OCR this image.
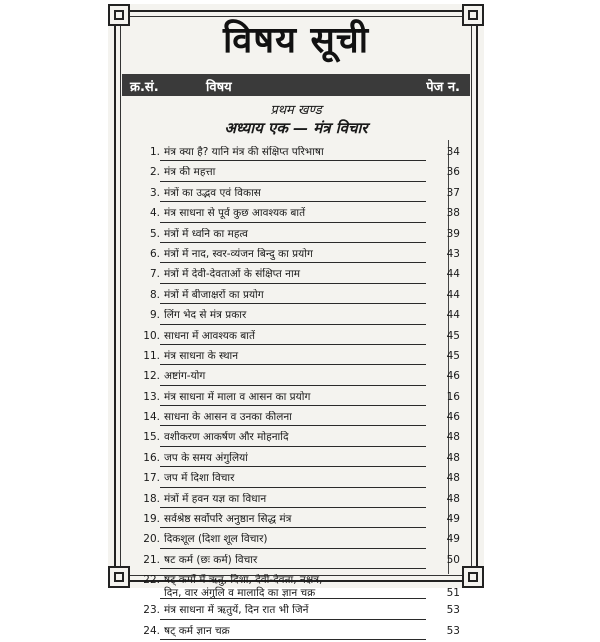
विषय सूची
क्र.सं.	विषय	पेज न.
प्रथम खण्ड
अध्याय एक — मंत्र विचार
1. मंत्र क्या है? यानि मंत्र की संक्षिप्त परिभाषा	34
2. मंत्र की महत्ता	36
3. मंत्रों का उद्भव एवं विकास	37
4. मंत्र साधना से पूर्व कुछ आवश्यक बातें	38
5. मंत्रों में ध्वनि का महत्व	39
6. मंत्रों में नाद, स्वर-व्यंजन बिन्दु का प्रयोग	43
7. मंत्रों में देवी-देवताओं के संक्षिप्त नाम	44
8. मंत्रों में बीजाक्षरों का प्रयोग	44
9. लिंग भेद से मंत्र प्रकार	44
10. साधना में आवश्यक बातें	45
11. मंत्र साधना के स्थान	45
12. अष्टांग-योग	46
13. मंत्र साधना में माला व आसन का प्रयोग	16
14. साधना के आसन व उनका कीलना	46
15. वशीकरण आकर्षण और मोहनादि	48
16. जप के समय अंगुलियां	48
17. जप में दिशा विचार	48
18. मंत्रों में हवन यज्ञ का विधान	48
19. सर्वश्रेष्ठ सर्वोपरि अनुष्ठान सिद्ध मंत्र	49
20. दिकशूल (दिशा शूल विचार)	49
21. षट कर्म (छः कर्म) विचार	50
22. षट् कर्मों में ऋतु, दिशा, देवी-देवता, नक्षत्र,
दिन, वार अंगुलि व मालादि का ज्ञान चक्र	51
23. मंत्र साधना में ऋतुयें, दिन रात भी जिनें	53
24. षट् कर्म ज्ञान चक्र	53
